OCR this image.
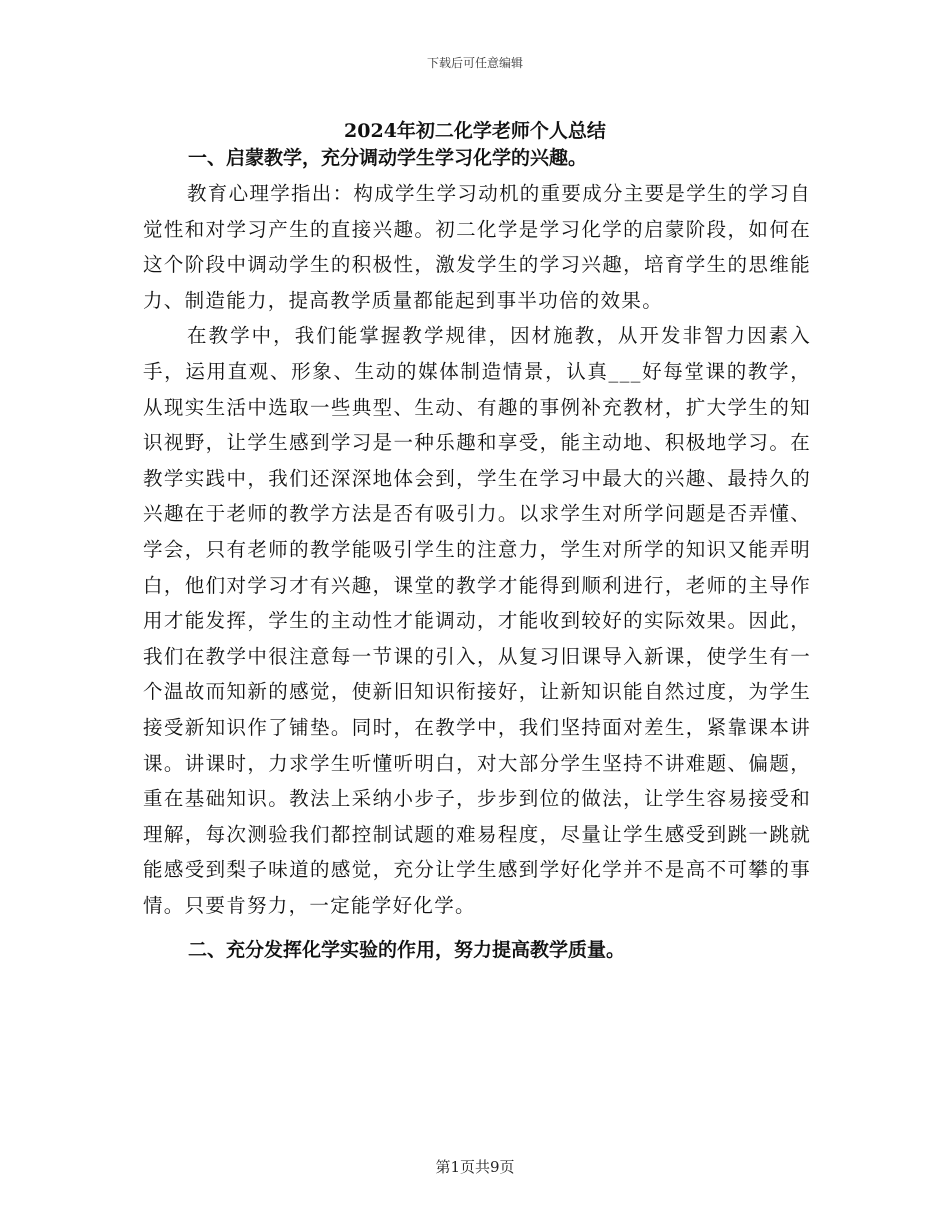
下载后可任意编辑
2024年初二化学老师个人总结

一、启蒙教学，充分调动学生学习化学的兴趣。

教育心理学指出：构成学生学习动机的重要成分主要是学生的学习自觉性和对学习产生的直接兴趣。初二化学是学习化学的启蒙阶段，如何在这个阶段中调动学生的积极性，激发学生的学习兴趣，培育学生的思维能力、制造能力，提高教学质量都能起到事半功倍的效果。

在教学中，我们能掌握教学规律，因材施教，从开发非智力因素入手，运用直观、形象、生动的媒体制造情景，认真___好每堂课的教学，从现实生活中选取一些典型、生动、有趣的事例补充教材，扩大学生的知识视野，让学生感到学习是一种乐趣和享受，能主动地、积极地学习。在教学实践中，我们还深深地体会到，学生在学习中最大的兴趣、最持久的兴趣在于老师的教学方法是否有吸引力。以求学生对所学问题是否弄懂、学会，只有老师的教学能吸引学生的注意力，学生对所学的知识又能弄明白，他们对学习才有兴趣，课堂的教学才能得到顺利进行，老师的主导作用才能发挥，学生的主动性才能调动，才能收到较好的实际效果。因此，我们在教学中很注意每一节课的引入，从复习旧课导入新课，使学生有一个温故而知新的感觉，使新旧知识衔接好，让新知识能自然过度，为学生接受新知识作了铺垫。同时，在教学中，我们坚持面对差生，紧靠课本讲课。讲课时，力求学生听懂听明白，对大部分学生坚持不讲难题、偏题，重在基础知识。教法上采纳小步子，步步到位的做法，让学生容易接受和理解，每次测验我们都控制试题的难易程度，尽量让学生感受到跳一跳就能感受到梨子味道的感觉，充分让学生感到学好化学并不是高不可攀的事情。只要肯努力，一定能学好化学。

二、充分发挥化学实验的作用，努力提高教学质量。

第1页共9页
